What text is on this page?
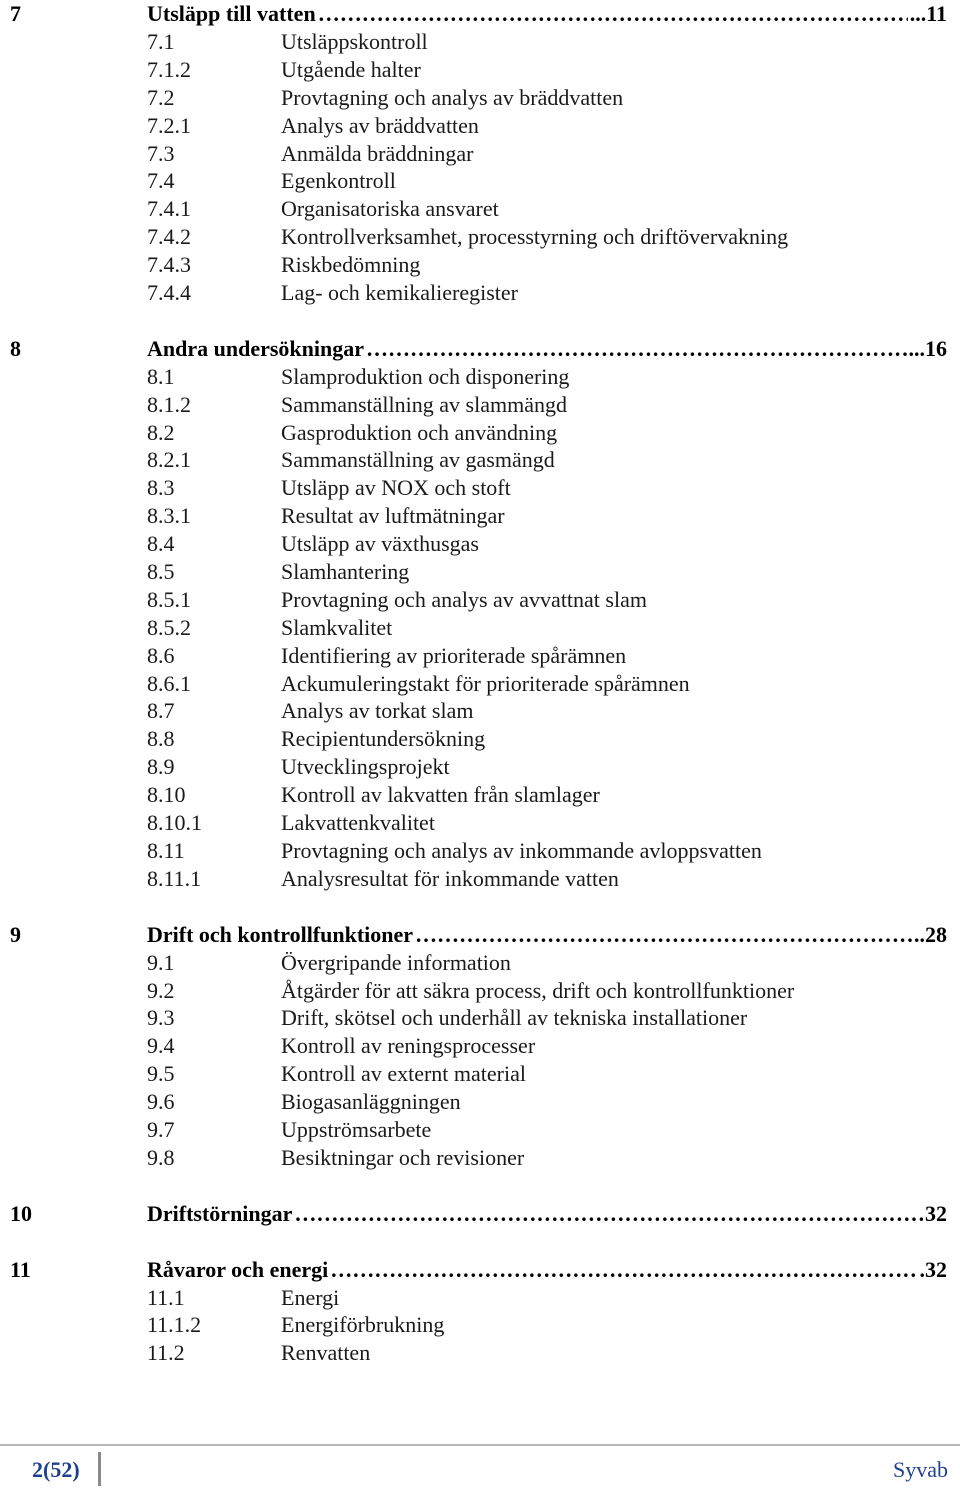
7	Utsläpp till vatten ……………………………………………………………………………………………………………………………………………………………………………………	...11
7.1	Utsläppskontroll
7.1.2	Utgående halter
7.2	Provtagning och analys av bräddvatten
7.2.1	Analys av bräddvatten
7.3	Anmälda bräddningar
7.4	Egenkontroll
7.4.1	Organisatoriska ansvaret
7.4.2	Kontrollverksamhet, processtyrning och driftövervakning
7.4.3	Riskbedömning
7.4.4	Lag- och kemikalieregister
8	Andra undersökningar ……………………………………………………………………………………………………………………………………………………………………………………	...16
8.1	Slamproduktion och disponering
8.1.2	Sammanställning av slammängd
8.2	Gasproduktion och användning
8.2.1	Sammanställning av gasmängd
8.3	Utsläpp av NOX och stoft
8.3.1	Resultat av luftmätningar
8.4	Utsläpp av växthusgas
8.5	Slamhantering
8.5.1	Provtagning och analys av avvattnat slam
8.5.2	Slamkvalitet
8.6	Identifiering av prioriterade spårämnen
8.6.1	Ackumuleringstakt för prioriterade spårämnen
8.7	Analys av torkat slam
8.8	Recipientundersökning
8.9	Utvecklingsprojekt
8.10	Kontroll av lakvatten från slamlager
8.10.1	Lakvattenkvalitet
8.11	Provtagning och analys av inkommande avloppsvatten
8.11.1	Analysresultat för inkommande vatten
9	Drift och kontrollfunktioner ……………………………………………………………………………………………………………………………………………………………………………………	..28
9.1	Övergripande information
9.2	Åtgärder för att säkra process, drift och kontrollfunktioner
9.3	Drift, skötsel och underhåll av tekniska installationer
9.4	Kontroll av reningsprocesser
9.5	Kontroll av externt material
9.6	Biogasanläggningen
9.7	Uppströmsarbete
9.8	Besiktningar och revisioner
10	Driftstörningar ……………………………………………………………………………………………………………………………………………………………………………………	32
11	Råvaror och energi ……………………………………………………………………………………………………………………………………………………………………………………	.32
11.1	Energi
11.1.2	Energiförbrukning
11.2	Renvatten
2(52)	Syvab
